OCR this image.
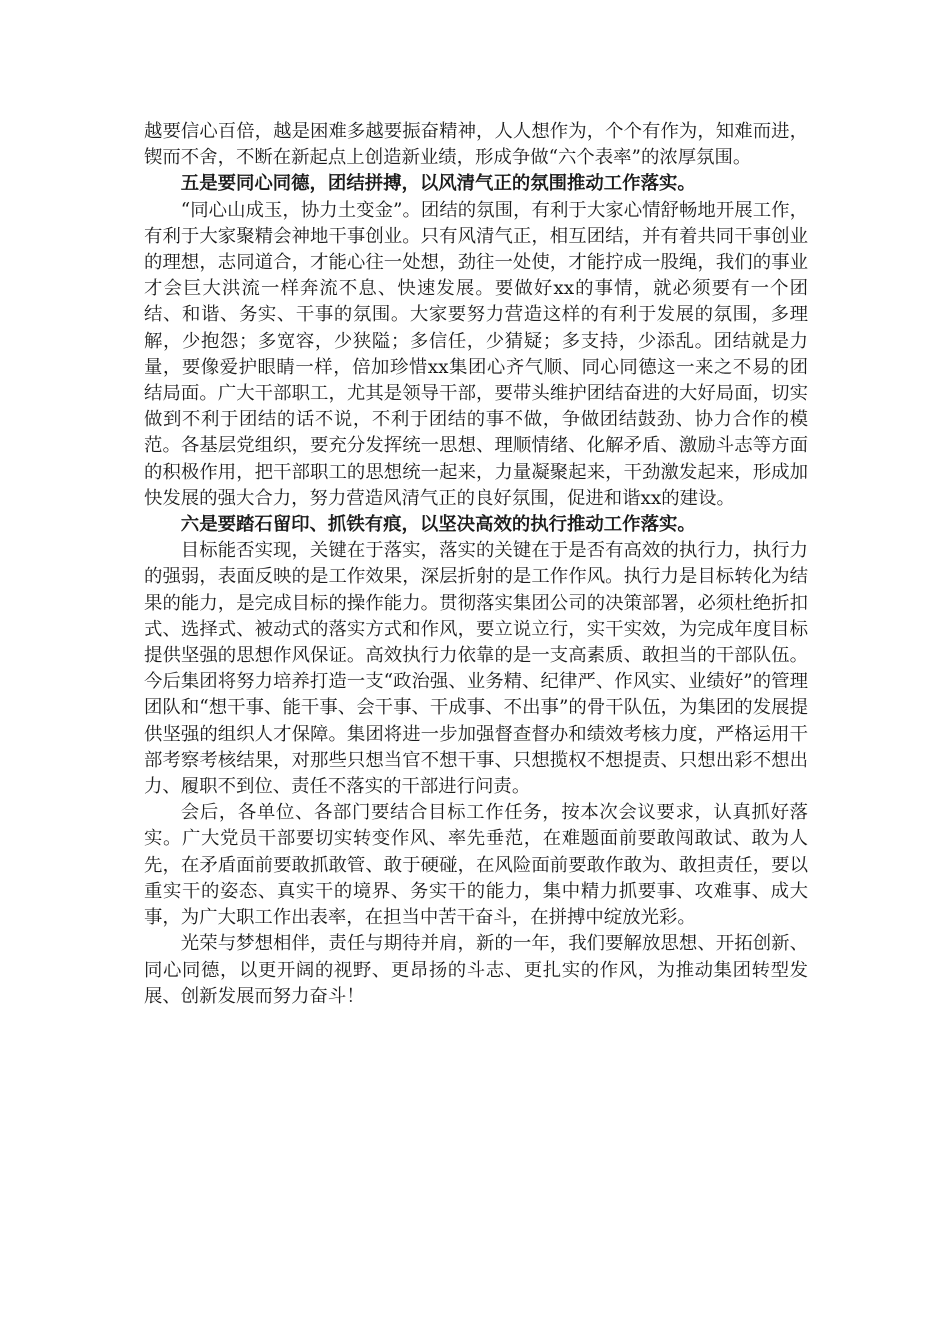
越要信心百倍，越是困难多越要振奋精神，人人想作为，个个有作为，知难而进，锲而不舍，不断在新起点上创造新业绩，形成争做“六个表率”的浓厚氛围。

五是要同心同德，团结拼搏，以风清气正的氛围推动工作落实。

“同心山成玉，协力土变金”。团结的氛围，有利于大家心情舒畅地开展工作，有利于大家聚精会神地干事创业。只有风清气正，相互团结，并有着共同干事创业的理想，志同道合，才能心往一处想，劲往一处使，才能拧成一股绳，我们的事业才会巨大洪流一样奔流不息、快速发展。要做好xx的事情，就必须要有一个团结、和谐、务实、干事的氛围。大家要努力营造这样的有利于发展的氛围，多理解，少抱怨；多宽容，少狭隘；多信任，少猜疑；多支持，少添乱。团结就是力量，要像爱护眼睛一样，倍加珍惜xx集团心齐气顺、同心同德这一来之不易的团结局面。广大干部职工，尤其是领导干部，要带头维护团结奋进的大好局面，切实做到不利于团结的话不说，不利于团结的事不做，争做团结鼓劲、协力合作的模范。各基层党组织，要充分发挥统一思想、理顺情绪、化解矛盾、激励斗志等方面的积极作用，把干部职工的思想统一起来，力量凝聚起来，干劲激发起来，形成加快发展的强大合力，努力营造风清气正的良好氛围，促进和谐xx的建设。

六是要踏石留印、抓铁有痕，以坚决高效的执行推动工作落实。

目标能否实现，关键在于落实，落实的关键在于是否有高效的执行力，执行力的强弱，表面反映的是工作效果，深层折射的是工作作风。执行力是目标转化为结果的能力，是完成目标的操作能力。贯彻落实集团公司的决策部署，必须杜绝折扣式、选择式、被动式的落实方式和作风，要立说立行，实干实效，为完成年度目标提供坚强的思想作风保证。高效执行力依靠的是一支高素质、敢担当的干部队伍。今后集团将努力培养打造一支“政治强、业务精、纪律严、作风实、业绩好”的管理团队和“想干事、能干事、会干事、干成事、不出事”的骨干队伍，为集团的发展提供坚强的组织人才保障。集团将进一步加强督查督办和绩效考核力度，严格运用干部考察考核结果，对那些只想当官不想干事、只想揽权不想提责、只想出彩不想出力、履职不到位、责任不落实的干部进行问责。

会后，各单位、各部门要结合目标工作任务，按本次会议要求，认真抓好落实。广大党员干部要切实转变作风、率先垂范，在难题面前要敢闯敢试、敢为人先，在矛盾面前要敢抓敢管、敢于硬碰，在风险面前要敢作敢为、敢担责任，要以重实干的姿态、真实干的境界、务实干的能力，集中精力抓要事、攻难事、成大事，为广大职工作出表率，在担当中苦干奋斗，在拼搏中绽放光彩。

光荣与梦想相伴，责任与期待并肩，新的一年，我们要解放思想、开拓创新、同心同德，以更开阔的视野、更昂扬的斗志、更扎实的作风，为推动集团转型发展、创新发展而努力奋斗！
